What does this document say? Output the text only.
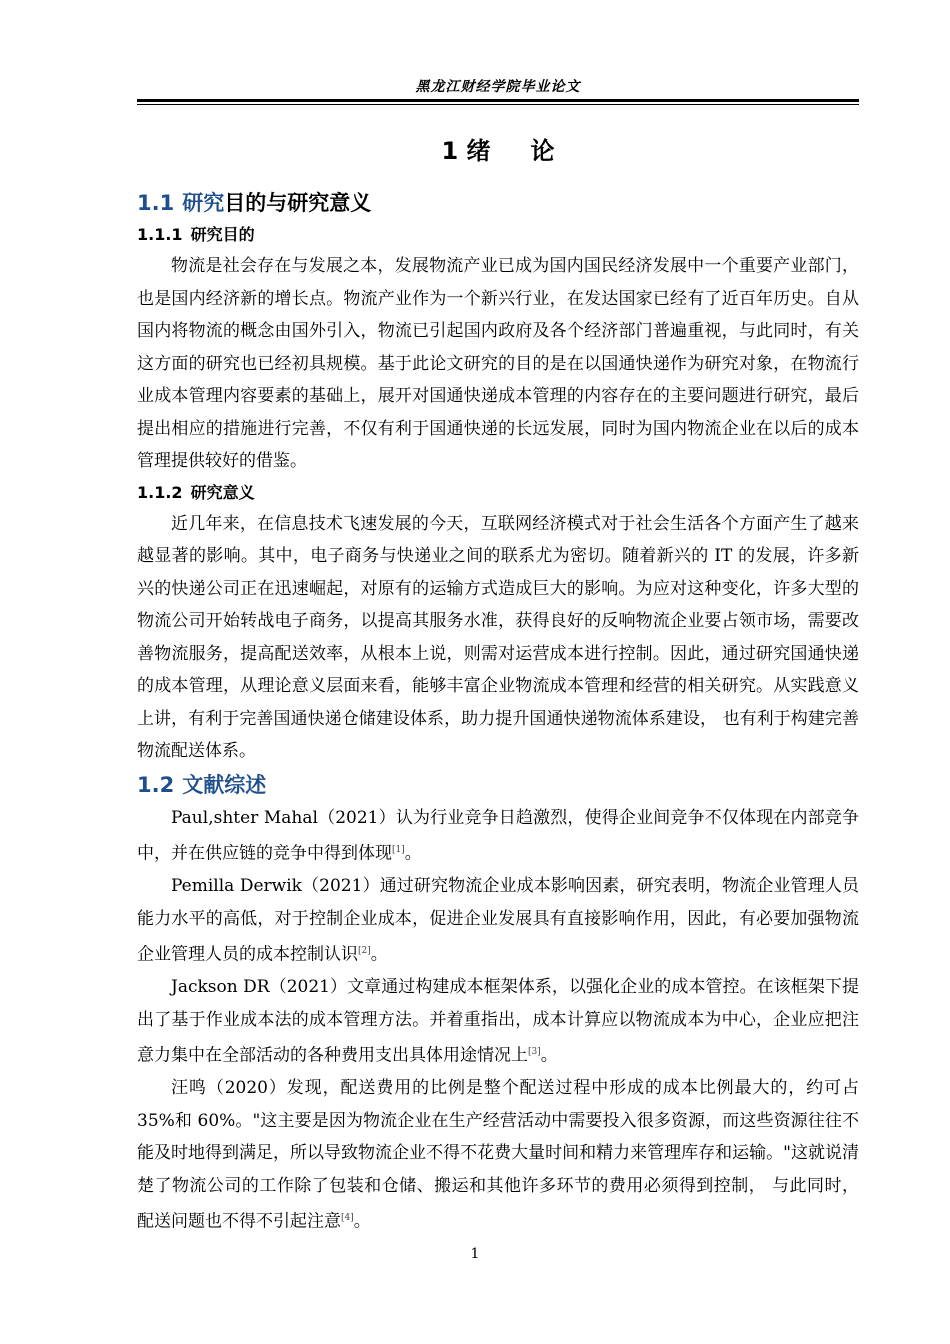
黑龙江财经学院毕业论文
1 绪 论
1.1 研究目的与研究意义
1.1.1 研究目的

物流是社会存在与发展之本，发展物流产业已成为国内国民经济发展中一个重要产业部门，也是国内经济新的增长点。物流产业作为一个新兴行业，在发达国家已经有了近百年历史。自从国内将物流的概念由国外引入，物流已引起国内政府及各个经济部门普遍重视，与此同时，有关这方面的研究也已经初具规模。基于此论文研究的目的是在以国通快递作为研究对象，在物流行业成本管理内容要素的基础上，展开对国通快递成本管理的内容存在的主要问题进行研究，最后提出相应的措施进行完善，不仅有利于国通快递的长远发展，同时为国内物流企业在以后的成本管理提供较好的借鉴。

1.1.2 研究意义

近几年来，在信息技术飞速发展的今天，互联网经济模式对于社会生活各个方面产生了越来越显著的影响。其中，电子商务与快递业之间的联系尤为密切。随着新兴的 IT 的发展，许多新兴的快递公司正在迅速崛起，对原有的运输方式造成巨大的影响。为应对这种变化，许多大型的物流公司开始转战电子商务，以提高其服务水准，获得良好的反响物流企业要占领市场，需要改善物流服务，提高配送效率，从根本上说，则需对运营成本进行控制。因此，通过研究国通快递的成本管理，从理论意义层面来看，能够丰富企业物流成本管理和经营的相关研究。从实践意义上讲，有利于完善国通快递仓储建设体系，助力提升国通快递物流体系建设， 也有利于构建完善物流配送体系。

1.2 文献综述

Paul,shter Mahal（2021）认为行业竞争日趋激烈，使得企业间竞争不仅体现在内部竞争中，并在供应链的竞争中得到体现[1]。

Pemilla Derwik（2021）通过研究物流企业成本影响因素，研究表明，物流企业管理人员能力水平的高低，对于控制企业成本，促进企业发展具有直接影响作用，因此，有必要加强物流企业管理人员的成本控制认识[2]。

Jackson DR（2021）文章通过构建成本框架体系，以强化企业的成本管控。在该框架下提出了基于作业成本法的成本管理方法。并着重指出，成本计算应以物流成本为中心，企业应把注意力集中在全部活动的各种费用支出具体用途情况上[3]。

汪鸣（2020）发现，配送费用的比例是整个配送过程中形成的成本比例最大的，约可占 35%和 60%。"这主要是因为物流企业在生产经营活动中需要投入很多资源，而这些资源往往不能及时地得到满足，所以导致物流企业不得不花费大量时间和精力来管理库存和运输。"这就说清楚了物流公司的工作除了包装和仓储、搬运和其他许多环节的费用必须得到控制， 与此同时， 配送问题也不得不引起注意[4]。

1
